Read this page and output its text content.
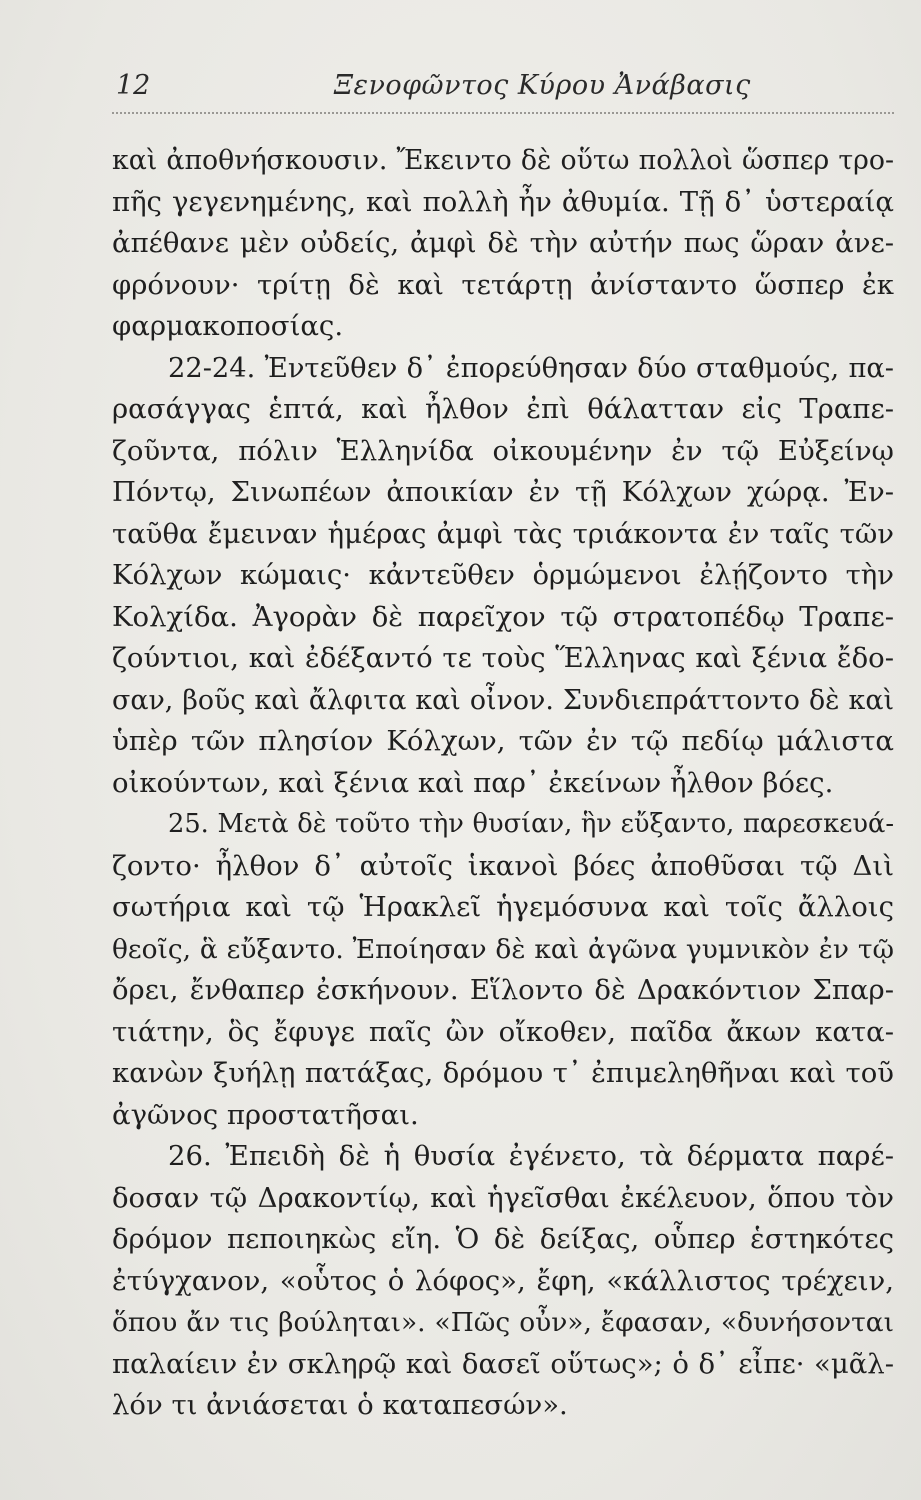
12	Ξενοφῶντος Κύρου Ἀνάβασις
καὶ ἀποθνήσκουσιν. Ἔκειντο δὲ οὕτω πολλοὶ ὥσπερ τρο-
πῆς γεγενημένης, καὶ πολλὴ ἦν ἀθυμία. Τῇ δ᾽ ὑστεραίᾳ
ἀπέθανε μὲν οὐδείς, ἀμφὶ δὲ τὴν αὐτήν πως ὥραν ἀνε-
φρόνουν· τρίτῃ δὲ καὶ τετάρτῃ ἀνίσταντο ὥσπερ ἐκ
φαρμακοποσίας.
22-24. Ἐντεῦθεν δ᾽ ἐπορεύθησαν δύο σταθμούς, πα-
ρασάγγας ἑπτά, καὶ ἦλθον ἐπὶ θάλατταν εἰς Τραπε-
ζοῦντα, πόλιν Ἑλληνίδα οἰκουμένην ἐν τῷ Εὐξείνῳ
Πόντῳ, Σινωπέων ἀποικίαν ἐν τῇ Κόλχων χώρᾳ. Ἐν-
ταῦθα ἔμειναν ἡμέρας ἀμφὶ τὰς τριάκοντα ἐν ταῖς τῶν
Κόλχων κώμαις· κἀντεῦθεν ὁρμώμενοι ἐλῄζοντο τὴν
Κολχίδα. Ἀγορὰν δὲ παρεῖχον τῷ στρατοπέδῳ Τραπε-
ζούντιοι, καὶ ἐδέξαντό τε τοὺς Ἕλληνας καὶ ξένια ἔδο-
σαν, βοῦς καὶ ἄλφιτα καὶ οἶνον. Συνδιεπράττοντο δὲ καὶ
ὑπὲρ τῶν πλησίον Κόλχων, τῶν ἐν τῷ πεδίῳ μάλιστα
οἰκούντων, καὶ ξένια καὶ παρ᾽ ἐκείνων ἦλθον βόες.
25. Μετὰ δὲ τοῦτο τὴν θυσίαν, ἣν εὔξαντο, παρεσκευά-
ζοντο· ἦλθον δ᾽ αὐτοῖς ἱκανοὶ βόες ἀποθῦσαι τῷ Διὶ
σωτήρια καὶ τῷ Ἡρακλεῖ ἡγεμόσυνα καὶ τοῖς ἄλλοις
θεοῖς, ἃ εὔξαντο. Ἐποίησαν δὲ καὶ ἀγῶνα γυμνικὸν ἐν τῷ
ὄρει, ἔνθαπερ ἐσκήνουν. Εἵλοντο δὲ Δρακόντιον Σπαρ-
τιάτην, ὃς ἔφυγε παῖς ὢν οἴκοθεν, παῖδα ἄκων κατα-
κανὼν ξυήλῃ πατάξας, δρόμου τ᾽ ἐπιμεληθῆναι καὶ τοῦ
ἀγῶνος προστατῆσαι.
26. Ἐπειδὴ δὲ ἡ θυσία ἐγένετο, τὰ δέρματα παρέ-
δοσαν τῷ Δρακοντίῳ, καὶ ἡγεῖσθαι ἐκέλευον, ὅπου τὸν
δρόμον πεποιηκὼς εἴη. Ὁ δὲ δείξας, οὗπερ ἑστηκότες
ἐτύγχανον, «οὗτος ὁ λόφος», ἔφη, «κάλλιστος τρέχειν,
ὅπου ἄν τις βούληται». «Πῶς οὖν», ἔφασαν, «δυνήσονται
παλαίειν ἐν σκληρῷ καὶ δασεῖ οὕτως»; ὁ δ᾽ εἶπε· «μᾶλ-
λόν τι ἀνιάσεται ὁ καταπεσών».
